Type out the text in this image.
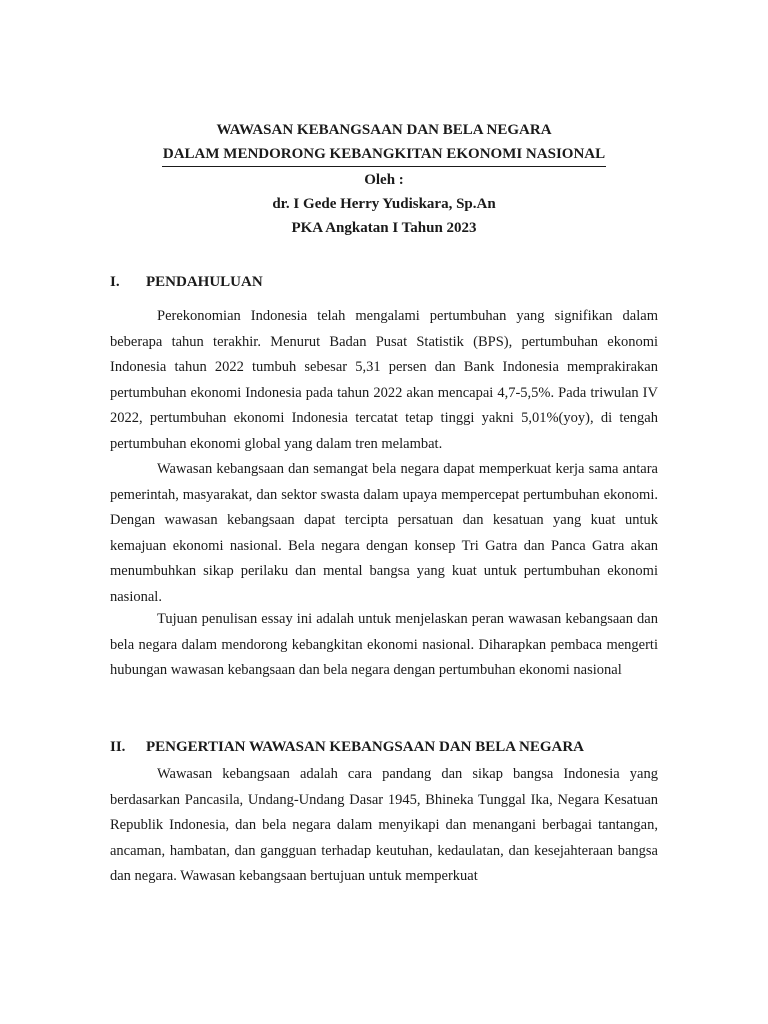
WAWASAN KEBANGSAAN DAN BELA NEGARA
DALAM MENDORONG KEBANGKITAN EKONOMI NASIONAL
Oleh :
dr. I Gede Herry Yudiskara, Sp.An
PKA Angkatan I Tahun 2023
I. PENDAHULUAN

Perekonomian Indonesia telah mengalami pertumbuhan yang signifikan dalam beberapa tahun terakhir. Menurut Badan Pusat Statistik (BPS), pertumbuhan ekonomi Indonesia tahun 2022 tumbuh sebesar 5,31 persen dan Bank Indonesia memprakirakan pertumbuhan ekonomi Indonesia pada tahun 2022 akan mencapai 4,7-5,5%. Pada triwulan IV 2022, pertumbuhan ekonomi Indonesia tercatat tetap tinggi yakni 5,01%(yoy), di tengah pertumbuhan ekonomi global yang dalam tren melambat.

Wawasan kebangsaan dan semangat bela negara dapat memperkuat kerja sama antara pemerintah, masyarakat, dan sektor swasta dalam upaya mempercepat pertumbuhan ekonomi. Dengan wawasan kebangsaan dapat tercipta persatuan dan kesatuan yang kuat untuk kemajuan ekonomi nasional. Bela negara dengan konsep Tri Gatra dan Panca Gatra akan menumbuhkan sikap perilaku dan mental bangsa yang kuat untuk pertumbuhan ekonomi nasional.

Tujuan penulisan essay ini adalah untuk menjelaskan peran wawasan kebangsaan dan bela negara dalam mendorong kebangkitan ekonomi nasional. Diharapkan pembaca mengerti hubungan wawasan kebangsaan dan bela negara dengan pertumbuhan ekonomi nasional

II. PENGERTIAN WAWASAN KEBANGSAAN DAN BELA NEGARA

Wawasan kebangsaan adalah cara pandang dan sikap bangsa Indonesia yang berdasarkan Pancasila, Undang-Undang Dasar 1945, Bhineka Tunggal Ika, Negara Kesatuan Republik Indonesia, dan bela negara dalam menyikapi dan menangani berbagai tantangan, ancaman, hambatan, dan gangguan terhadap keutuhan, kedaulatan, dan kesejahteraan bangsa dan negara. Wawasan kebangsaan bertujuan untuk memperkuat
